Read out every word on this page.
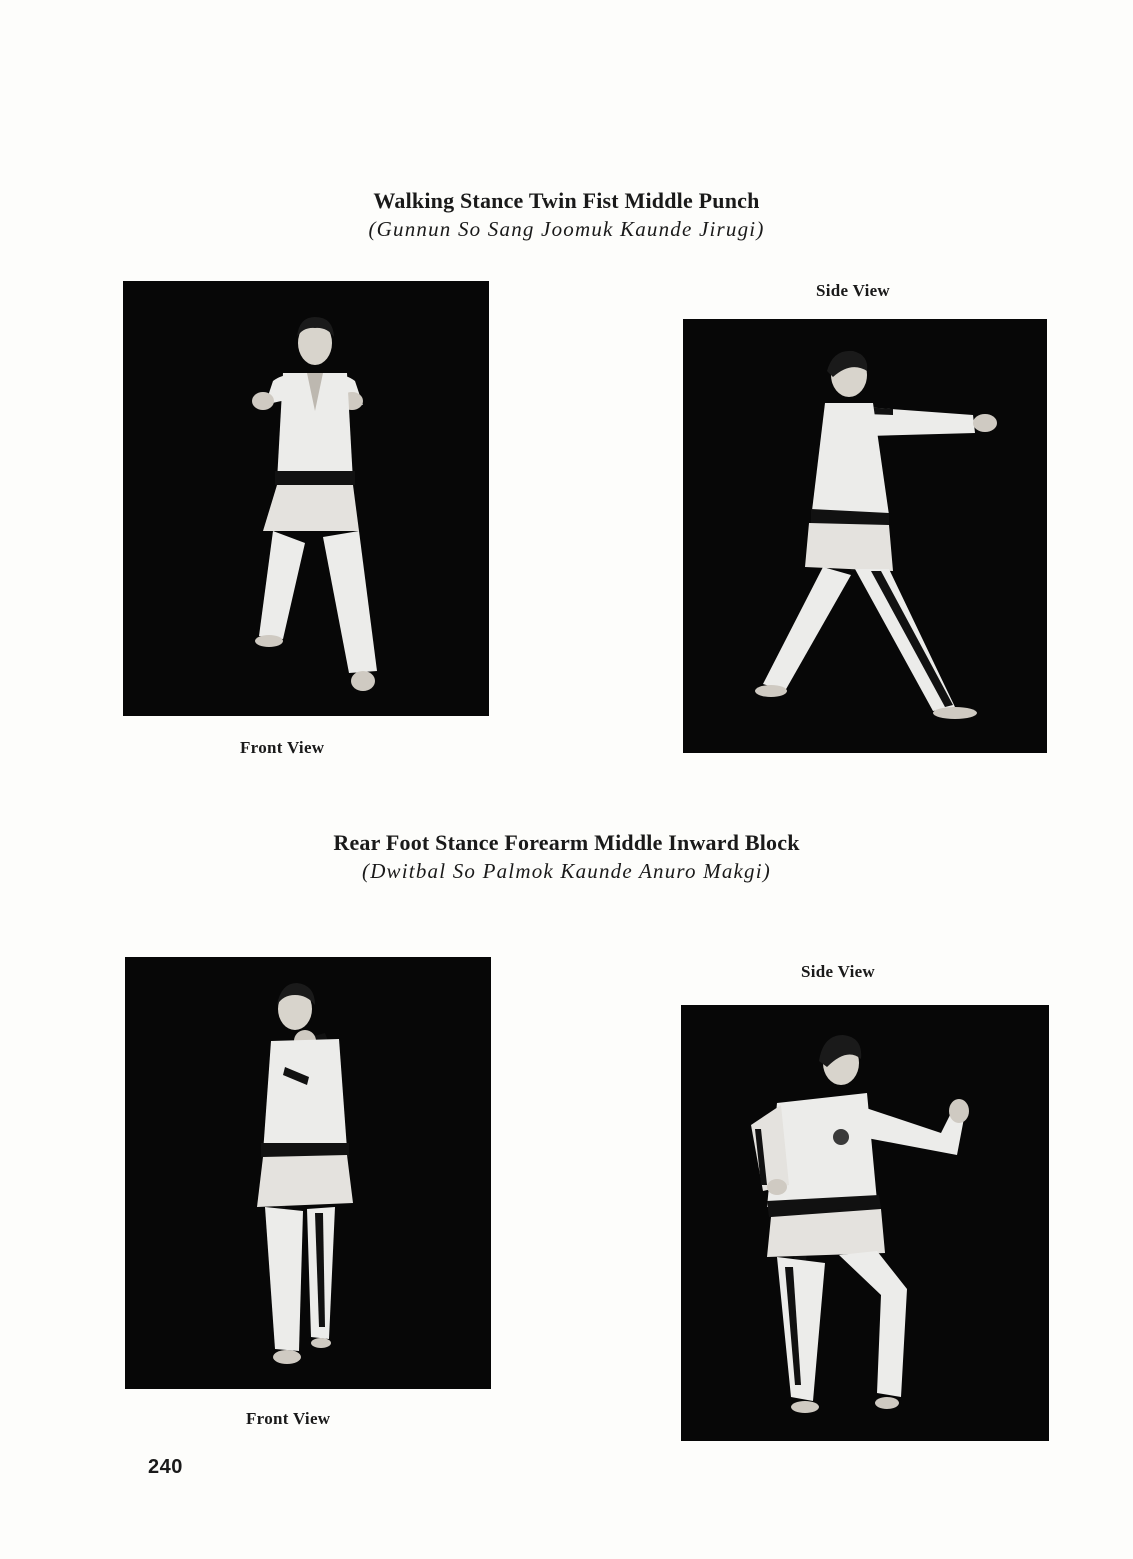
Walking Stance Twin Fist Middle Punch
(Gunnun So Sang Joomuk Kaunde Jirugi)
Front View
Side View
Rear Foot Stance Forearm Middle Inward Block
(Dwitbal So Palmok Kaunde Anuro Makgi)
Front View
Side View
240
